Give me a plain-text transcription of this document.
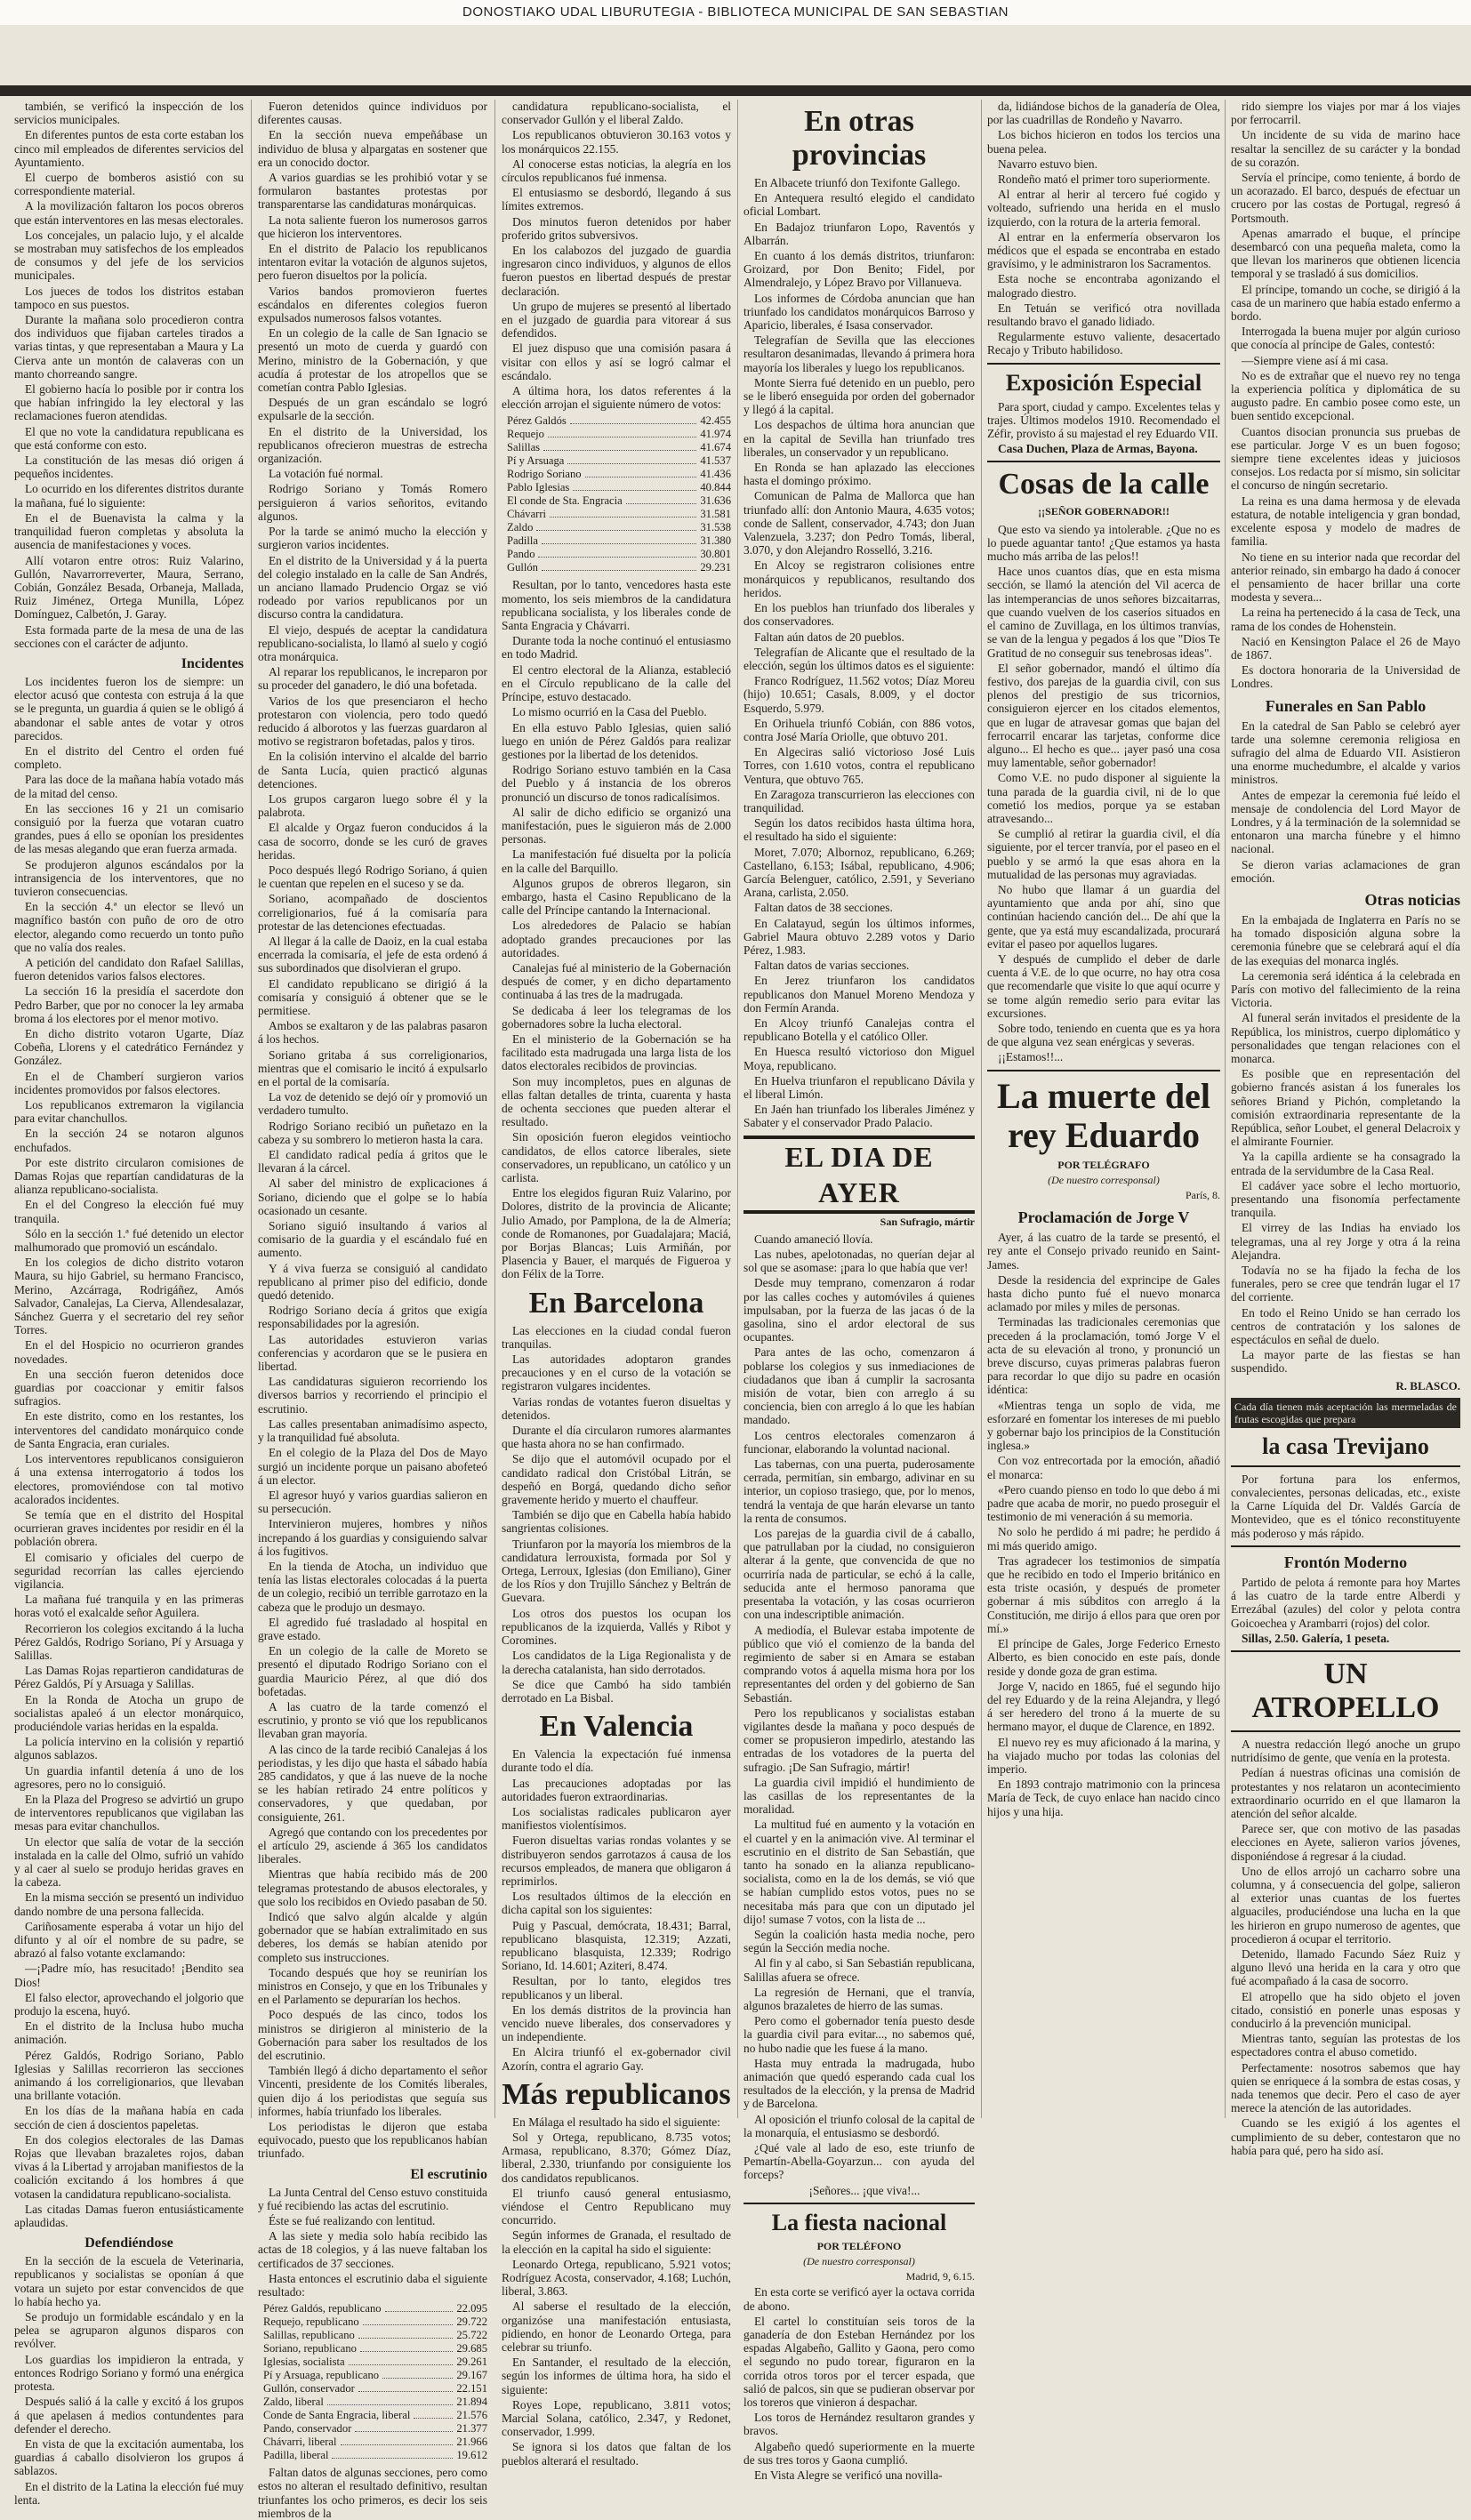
DONOSTIAKO UDAL LIBURUTEGIA - BIBLIOTECA MUNICIPAL DE SAN SEBASTIAN

también, se verificó la inspección de los servicios municipales.

En diferentes puntos de esta corte estaban los cinco mil empleados de diferentes servicios del Ayuntamiento.

El cuerpo de bomberos asistió con su correspondiente material.

A la movilización faltaron los pocos obreros que están interventores en las mesas electorales.

Los concejales, un palacio lujo, y el alcalde se mostraban muy satisfechos de los empleados de consumos y del jefe de los servicios municipales.

Los jueces de todos los distritos estaban tampoco en sus puestos.

Durante la mañana solo procedieron contra dos individuos que fijaban carteles tirados a varias tintas, y que representaban a Maura y La Cierva ante un montón de calaveras con un manto chorreando sangre.

El gobierno hacía lo posible por ir contra los que habían infringido la ley electoral y las reclamaciones fueron atendidas.

El que no vote la candidatura republicana es que está conforme con esto.

La constitución de las mesas dió origen á pequeños incidentes.

Lo ocurrido en los diferentes distritos durante la mañana, fué lo siguiente:

En el de Buenavista la calma y la tranquilidad fueron completas y absoluta la ausencia de manifestaciones y voces.

Allí votaron entre otros: Ruiz Valarino, Gullón, Navarrorreverter, Maura, Serrano, Cobián, González Besada, Orbaneja, Mallada, Ruiz Jiménez, Ortega Munilla, López Domínguez, Calbetón, J. Garay.

Esta formada parte de la mesa de una de las secciones con el carácter de adjunto.

Incidentes

Los incidentes fueron los de siempre: un elector acusó que contesta con estruja á la que se le pregunta, un guardia á quien se le obligó á abandonar el sable antes de votar y otros parecidos.

En el distrito del Centro el orden fué completo.

Para las doce de la mañana había votado más de la mitad del censo.

En las secciones 16 y 21 un comisario consiguió por la fuerza que votaran cuatro grandes, pues á ello se oponían los presidentes de las mesas alegando que eran fuerza armada.

Se produjeron algunos escándalos por la intransigencia de los interventores, que no tuvieron consecuencias.

En la sección 4.ª un elector se llevó un magnífico bastón con puño de oro de otro elector, alegando como recuerdo un tonto puño que no valía dos reales.

A petición del candidato don Rafael Salillas, fueron detenidos varios falsos electores.

La sección 16 la presidía el sacerdote don Pedro Barber, que por no conocer la ley armaba broma á los electores por el menor motivo.

En dicho distrito votaron Ugarte, Díaz Cobeña, Llorens y el catedrático Fernández y González.

En el de Chamberí surgieron varios incidentes promovidos por falsos electores.

Los republicanos extremaron la vigilancia para evitar chanchullos.

En la sección 24 se notaron algunos enchufados.

Por este distrito circularon comisiones de Damas Rojas que repartían candidaturas de la alianza republicano-socialista.

En el del Congreso la elección fué muy tranquila.

Sólo en la sección 1.ª fué detenido un elector malhumorado que promovió un escándalo.

En los colegios de dicho distrito votaron Maura, su hijo Gabriel, su hermano Francisco, Merino, Azcárraga, Rodrigáñez, Amós Salvador, Canalejas, La Cierva, Allendesalazar, Sánchez Guerra y el secretario del rey señor Torres.

En el del Hospicio no ocurrieron grandes novedades.

En una sección fueron detenidos doce guardias por coaccionar y emitir falsos sufragios.

En este distrito, como en los restantes, los interventores del candidato monárquico conde de Santa Engracia, eran curiales.

Los interventores republicanos consiguieron á una extensa interrogatorio á todos los electores, promoviéndose con tal motivo acalorados incidentes.

Se temía que en el distrito del Hospital ocurrieran graves incidentes por residir en él la población obrera.

El comisario y oficiales del cuerpo de seguridad recorrían las calles ejerciendo vigilancia.

La mañana fué tranquila y en las primeras horas votó el exalcalde señor Aguilera.

Recorrieron los colegios excitando á la lucha Pérez Galdós, Rodrigo Soriano, Pí y Arsuaga y Salillas.

Las Damas Rojas repartieron candidaturas de Pérez Galdós, Pí y Arsuaga y Salillas.

En la Ronda de Atocha un grupo de socialistas apaleó á un elector monárquico, produciéndole varias heridas en la espalda.

La policía intervino en la colisión y repartió algunos sablazos.

Un guardia infantil detenía á uno de los agresores, pero no lo consiguió.

En la Plaza del Progreso se advirtió un grupo de interventores republicanos que vigilaban las mesas para evitar chanchullos.

Un elector que salía de votar de la sección instalada en la calle del Olmo, sufrió un vahído y al caer al suelo se produjo heridas graves en la cabeza.

En la misma sección se presentó un individuo dando nombre de una persona fallecida.

Cariñosamente esperaba á votar un hijo del difunto y al oír el nombre de su padre, se abrazó al falso votante exclamando:

—¡Padre mío, has resucitado! ¡Bendito sea Dios!

El falso elector, aprovechando el jolgorio que produjo la escena, huyó.

En el distrito de la Inclusa hubo mucha animación.

Pérez Galdós, Rodrigo Soriano, Pablo Iglesias y Salillas recorrieron las secciones animando á los correligionarios, que llevaban una brillante votación.

En los días de la mañana había en cada sección de cien á doscientos papeletas.

En dos colegios electorales de las Damas Rojas que llevaban brazaletes rojos, daban vivas á la Libertad y arrojaban manifiestos de la coalición excitando á los hombres á que votasen la candidatura republicano-socialista.

Las citadas Damas fueron entusiásticamente aplaudidas.

Defendiéndose

En la sección de la escuela de Veterinaria, republicanos y socialistas se oponían á que votara un sujeto por estar convencidos de que lo había hecho ya.

Se produjo un formidable escándalo y en la pelea se agruparon algunos disparos con revólver.

Los guardias los impidieron la entrada, y entonces Rodrigo Soriano y formó una enérgica protesta.

Después salió á la calle y excitó á los grupos á que apelasen á medios contundentes para defender el derecho.

En vista de que la excitación aumentaba, los guardias á caballo disolvieron los grupos á sablazos.

En el distrito de la Latina la elección fué muy lenta.

Fueron detenidos quince individuos por diferentes causas.

En la sección nueva empeñábase un individuo de blusa y alpargatas en sostener que era un conocido doctor.

A varios guardias se les prohibió votar y se formularon bastantes protestas por transparentarse las candidaturas monárquicas.

La nota saliente fueron los numerosos garros que hicieron los interventores.

En el distrito de Palacio los republicanos intentaron evitar la votación de algunos sujetos, pero fueron disueltos por la policía.

Varios bandos promovieron fuertes escándalos en diferentes colegios fueron expulsados numerosos falsos votantes.

En un colegio de la calle de San Ignacio se presentó un moto de cuerda y guardó con Merino, ministro de la Gobernación, y que acudía á protestar de los atropellos que se cometían contra Pablo Iglesias.

Después de un gran escándalo se logró expulsarle de la sección.

En el distrito de la Universidad, los republicanos ofrecieron muestras de estrecha organización.

La votación fué normal.

Rodrigo Soriano y Tomás Romero persiguieron á varios señoritos, evitando algunos.

Por la tarde se animó mucho la elección y surgieron varios incidentes.

En el distrito de la Universidad y á la puerta del colegio instalado en la calle de San Andrés, un anciano llamado Prudencio Orgaz se vió rodeado por varios republicanos por un discurso contra la candidatura.

El viejo, después de aceptar la candidatura republicano-socialista, lo llamó al suelo y cogió otra monárquica.

Al reparar los republicanos, le increparon por su proceder del ganadero, le dió una bofetada.

Varios de los que presenciaron el hecho protestaron con violencia, pero todo quedó reducido á alborotos y las fuerzas guardaron al motivo se registraron bofetadas, palos y tiros.

En la colisión intervino el alcalde del barrio de Santa Lucía, quien practicó algunas detenciones.

Los grupos cargaron luego sobre él y la palabrota.

El alcalde y Orgaz fueron conducidos á la casa de socorro, donde se les curó de graves heridas.

Poco después llegó Rodrigo Soriano, á quien le cuentan que repelen en el suceso y se da.

Soriano, acompañado de doscientos correligionarios, fué á la comisaría para protestar de las detenciones efectuadas.

Al llegar á la calle de Daoiz, en la cual estaba encerrada la comisaría, el jefe de esta ordenó á sus subordinados que disolvieran el grupo.

El candidato republicano se dirigió á la comisaría y consiguió á obtener que se le permitiese.

Ambos se exaltaron y de las palabras pasaron á los hechos.

Soriano gritaba á sus correligionarios, mientras que el comisario le incitó á expulsarlo en el portal de la comisaría.

La voz de detenido se dejó oír y promovió un verdadero tumulto.

Rodrigo Soriano recibió un puñetazo en la cabeza y su sombrero lo metieron hasta la cara.

El candidato radical pedía á gritos que le llevaran á la cárcel.

Al saber del ministro de explicaciones á Soriano, diciendo que el golpe se lo había ocasionado un cesante.

Soriano siguió insultando á varios al comisario de la guardia y el escándalo fué en aumento.

Y á viva fuerza se consiguió al candidato republicano al primer piso del edificio, donde quedó detenido.

Rodrigo Soriano decía á gritos que exigía responsabilidades por la agresión.

Las autoridades estuvieron varias conferencias y acordaron que se le pusiera en libertad.

Las candidaturas siguieron recorriendo los diversos barrios y recorriendo el principio el escrutinio.

Las calles presentaban animadísimo aspecto, y la tranquilidad fué absoluta.

En el colegio de la Plaza del Dos de Mayo surgió un incidente porque un paisano abofeteó á un elector.

El agresor huyó y varios guardias salieron en su persecución.

Intervinieron mujeres, hombres y niños increpando á los guardias y consiguiendo salvar á los fugitivos.

En la tienda de Atocha, un individuo que tenía las listas electorales colocadas á la puerta de un colegio, recibió un terrible garrotazo en la cabeza que le produjo un desmayo.

El agredido fué trasladado al hospital en grave estado.

En un colegio de la calle de Moreto se presentó el diputado Rodrigo Soriano con el guardia Mauricio Pérez, al que dió dos bofetadas.

A las cuatro de la tarde comenzó el escrutinio, y pronto se vió que los republicanos llevaban gran mayoría.

A las cinco de la tarde recibió Canalejas á los periodistas, y les dijo que hasta el sábado había 285 candidatos, y que á las nueve de la noche se les habían retirado 24 entre políticos y conservadores, y que quedaban, por consiguiente, 261.

Agregó que contando con los precedentes por el artículo 29, asciende á 365 los candidatos liberales.

Mientras que había recibido más de 200 telegramas protestando de abusos electorales, y que solo los recibidos en Oviedo pasaban de 50.

Indicó que salvo algún alcalde y algún gobernador que se habían extralimitado en sus deberes, los demás se habían atenido por completo sus instrucciones.

Tocando después que hoy se reunirían los ministros en Consejo, y que en los Tribunales y en el Parlamento se depurarían los hechos.

Poco después de las cinco, todos los ministros se dirigieron al ministerio de la Gobernación para saber los resultados de los del escrutinio.

También llegó á dicho departamento el señor Vincenti, presidente de los Comités liberales, quien dijo á los periodistas que seguía sus informes, había triunfado los liberales.

Los periodistas le dijeron que estaba equivocado, puesto que los republicanos habían triunfado.

El escrutinio

La Junta Central del Censo estuvo constituida y fué recibiendo las actas del escrutinio.

Éste se fué realizando con lentitud.

A las siete y media solo había recibido las actas de 18 colegios, y á las nueve faltaban los certificados de 37 secciones.

Hasta entonces el escrutinio daba el siguiente resultado:

Pérez Galdós, republicano	22.095
Requejo, republicano	29.722
Salillas, republicano	25.722
Soriano, republicano	29.685
Iglesias, socialista	29.261
Pí y Arsuaga, republicano	29.167
Gullón, conservador	22.151
Zaldo, liberal	21.894
Conde de Santa Engracia, liberal	21.576
Pando, conservador	21.377
Chávarri, liberal	21.966
Padilla, liberal	19.612

Faltan datos de algunas secciones, pero como estos no alteran el resultado definitivo, resultan triunfantes los ocho primeros, es decir los seis miembros de la

candidatura republicano-socialista, el conservador Gullón y el liberal Zaldo.

Los republicanos obtuvieron 30.163 votos y los monárquicos 22.155.

Al conocerse estas noticias, la alegría en los círculos republicanos fué inmensa.

El entusiasmo se desbordó, llegando á sus límites extremos.

Dos minutos fueron detenidos por haber proferido gritos subversivos.

En los calabozos del juzgado de guardia ingresaron cinco individuos, y algunos de ellos fueron puestos en libertad después de prestar declaración.

Un grupo de mujeres se presentó al libertado en el juzgado de guardia para vitorear á sus defendidos.

El juez dispuso que una comisión pasara á visitar con ellos y así se logró calmar el escándalo.

A última hora, los datos referentes á la elección arrojan el siguiente número de votos:

Pérez Galdós	42.455
Requejo	41.974
Salillas	41.674
Pí y Arsuaga	41.537
Rodrigo Soriano	41.436
Pablo Iglesias	40.844
El conde de Sta. Engracia	31.636
Chávarri	31.581
Zaldo	31.538
Padilla	31.380
Pando	30.801
Gullón	29.231

Resultan, por lo tanto, vencedores hasta este momento, los seis miembros de la candidatura republicana socialista, y los liberales conde de Santa Engracia y Chávarri.

Durante toda la noche continuó el entusiasmo en todo Madrid.

El centro electoral de la Alianza, estableció en el Círculo republicano de la calle del Príncipe, estuvo destacado.

Lo mismo ocurrió en la Casa del Pueblo.

En ella estuvo Pablo Iglesias, quien salió luego en unión de Pérez Galdós para realizar gestiones por la libertad de los detenidos.

Rodrigo Soriano estuvo también en la Casa del Pueblo y á instancia de los obreros pronunció un discurso de tonos radicalísimos.

Al salir de dicho edificio se organizó una manifestación, pues le siguieron más de 2.000 personas.

La manifestación fué disuelta por la policía en la calle del Barquillo.

Algunos grupos de obreros llegaron, sin embargo, hasta el Casino Republicano de la calle del Príncipe cantando la Internacional.

Los alrededores de Palacio se habían adoptado grandes precauciones por las autoridades.

Canalejas fué al ministerio de la Gobernación después de comer, y en dicho departamento continuaba á las tres de la madrugada.

Se dedicaba á leer los telegramas de los gobernadores sobre la lucha electoral.

En el ministerio de la Gobernación se ha facilitado esta madrugada una larga lista de los datos electorales recibidos de provincias.

Son muy incompletos, pues en algunas de ellas faltan detalles de trinta, cuarenta y hasta de ochenta secciones que pueden alterar el resultado.

Sin oposición fueron elegidos veintiocho candidatos, de ellos catorce liberales, siete conservadores, un republicano, un católico y un carlista.

Entre los elegidos figuran Ruiz Valarino, por Dolores, distrito de la provincia de Alicante; Julio Amado, por Pamplona, de la de Almería; conde de Romanones, por Guadalajara; Maciá, por Borjas Blancas; Luis Armiñán, por Plasencia y Bauer, el marqués de Figueroa y don Félix de la Torre.

En Barcelona

Las elecciones en la ciudad condal fueron tranquilas.

Las autoridades adoptaron grandes precauciones y en el curso de la votación se registraron vulgares incidentes.

Varias rondas de votantes fueron disueltas y detenidos.

Durante el día circularon rumores alarmantes que hasta ahora no se han confirmado.

Se dijo que el automóvil ocupado por el candidato radical don Cristóbal Litrán, se despeñó en Borgá, quedando dicho señor gravemente herido y muerto el chauffeur.

También se dijo que en Cabella había habido sangrientas colisiones.

Triunfaron por la mayoría los miembros de la candidatura lerrouxista, formada por Sol y Ortega, Lerroux, Iglesias (don Emiliano), Giner de los Ríos y don Trujillo Sánchez y Beltrán de Guevara.

Los otros dos puestos los ocupan los republicanos de la izquierda, Vallés y Ribot y Coromines.

Los candidatos de la Liga Regionalista y de la derecha catalanista, han sido derrotados.

Se dice que Cambó ha sido también derrotado en La Bisbal.

En Valencia

En Valencia la expectación fué inmensa durante todo el día.

Las precauciones adoptadas por las autoridades fueron extraordinarias.

Los socialistas radicales publicaron ayer manifiestos violentísimos.

Fueron disueltas varias rondas volantes y se distribuyeron sendos garrotazos á causa de los recursos empleados, de manera que obligaron á reprimirlos.

Los resultados últimos de la elección en dicha capital son los siguientes:

Puig y Pascual, demócrata, 18.431; Barral, republicano blasquista, 12.319; Azzati, republicano blasquista, 12.339; Rodrigo Soriano, Id. 14.601; Aziteri, 8.474.

Resultan, por lo tanto, elegidos tres republicanos y un liberal.

En los demás distritos de la provincia han vencido nueve liberales, dos conservadores y un independiente.

En Alcira triunfó el ex-gobernador civil Azorín, contra el agrario Gay.

Más republicanos

En Málaga el resultado ha sido el siguiente:

Sol y Ortega, republicano, 8.735 votos; Armasa, republicano, 8.370; Gómez Díaz, liberal, 2.330, triunfando por consiguiente los dos candidatos republicanos.

El triunfo causó general entusiasmo, viéndose el Centro Republicano muy concurrido.

Según informes de Granada, el resultado de la elección en la capital ha sido el siguiente:

Leonardo Ortega, republicano, 5.921 votos; Rodríguez Acosta, conservador, 4.168; Luchón, liberal, 3.863.

Al saberse el resultado de la elección, organizóse una manifestación entusiasta, pidiendo, en honor de Leonardo Ortega, para celebrar su triunfo.

En Santander, el resultado de la elección, según los informes de última hora, ha sido el siguiente:

Royes Lope, republicano, 3.811 votos; Marcial Solana, católico, 2.347, y Redonet, conservador, 1.999.

Se ignora si los datos que faltan de los pueblos alterará el resultado.

En otras provincias

En Albacete triunfó don Texifonte Gallego.

En Antequera resultó elegido el candidato oficial Lombart.

En Badajoz triunfaron Lopo, Raventós y Albarrán.

En cuanto á los demás distritos, triunfaron: Groizard, por Don Benito; Fidel, por Almendralejo, y López Bravo por Villanueva.

Los informes de Córdoba anuncian que han triunfado los candidatos monárquicos Barroso y Aparicio, liberales, é Isasa conservador.

Telegrafían de Sevilla que las elecciones resultaron desanimadas, llevando á primera hora mayoría los liberales y luego los republicanos.

Monte Sierra fué detenido en un pueblo, pero se le liberó enseguida por orden del gobernador y llegó á la capital.

Los despachos de última hora anuncian que en la capital de Sevilla han triunfado tres liberales, un conservador y un republicano.

En Ronda se han aplazado las elecciones hasta el domingo próximo.

Comunican de Palma de Mallorca que han triunfado allí: don Antonio Maura, 4.635 votos; conde de Sallent, conservador, 4.743; don Juan Valenzuela, 3.237; don Pedro Tomás, liberal, 3.070, y don Alejandro Rosselló, 3.216.

En Alcoy se registraron colisiones entre monárquicos y republicanos, resultando dos heridos.

En los pueblos han triunfado dos liberales y dos conservadores.

Faltan aún datos de 20 pueblos.

Telegrafían de Alicante que el resultado de la elección, según los últimos datos es el siguiente:

Franco Rodríguez, 11.562 votos; Díaz Moreu (hijo) 10.651; Casals, 8.009, y el doctor Esquerdo, 5.979.

En Orihuela triunfó Cobián, con 886 votos, contra José María Oriolle, que obtuvo 201.

En Algeciras salió victorioso José Luis Torres, con 1.610 votos, contra el republicano Ventura, que obtuvo 765.

En Zaragoza transcurrieron las elecciones con tranquilidad.

Según los datos recibidos hasta última hora, el resultado ha sido el siguiente:

Moret, 7.070; Albornoz, republicano, 6.269; Castellano, 6.153; Isábal, republicano, 4.906; García Belenguer, católico, 2.591, y Severiano Arana, carlista, 2.050.

Faltan datos de 38 secciones.

En Calatayud, según los últimos informes, Gabriel Maura obtuvo 2.289 votos y Dario Pérez, 1.983.

Faltan datos de varias secciones.

En Jerez triunfaron los candidatos republicanos don Manuel Moreno Mendoza y don Fermín Aranda.

En Alcoy triunfó Canalejas contra el republicano Botella y el católico Oller.

En Huesca resultó victorioso don Miguel Moya, republicano.

En Huelva triunfaron el republicano Dávila y el liberal Limón.

En Jaén han triunfado los liberales Jiménez y Sabater y el conservador Prado Palacio.

EL DIA DE AYER
San Sufragio, mártir

Cuando amaneció llovía.

Las nubes, apelotonadas, no querían dejar al sol que se asomase: ¡para lo que había que ver!

Desde muy temprano, comenzaron á rodar por las calles coches y automóviles á quienes impulsaban, por la fuerza de las jacas ó de la gasolina, sino el ardor electoral de sus ocupantes.

Para antes de las ocho, comenzaron á poblarse los colegios y sus inmediaciones de ciudadanos que iban á cumplir la sacrosanta misión de votar, bien con arreglo á su conciencia, bien con arreglo á lo que les habían mandado.

Los centros electorales comenzaron á funcionar, elaborando la voluntad nacional.

Las tabernas, con una puerta, puderosamente cerrada, permitían, sin embargo, adivinar en su interior, un copioso trasiego, que, por lo menos, tendrá la ventaja de que harán elevarse un tanto la renta de consumos.

Los parejas de la guardia civil de á caballo, que patrullaban por la ciudad, no consiguieron alterar á la gente, que convencida de que no ocurriría nada de particular, se echó á la calle, seducida ante el hermoso panorama que presentaba la votación, y las cosas ocurrieron con una indescriptible animación.

A mediodía, el Bulevar estaba impotente de público que vió el comienzo de la banda del regimiento de saber si en Amara se estaban comprando votos á aquella misma hora por los representantes del orden y del gobierno de San Sebastián.

Pero los republicanos y socialistas estaban vigilantes desde la mañana y poco después de comer se propusieron impedirlo, atestando las entradas de los votadores de la puerta del sufragio. ¡De San Sufragio, mártir!

La guardia civil impidió el hundimiento de las casillas de los representantes de la moralidad.

La multitud fué en aumento y la votación en el cuartel y en la animación vive. Al terminar el escrutinio en el distrito de San Sebastián, que tanto ha sonado en la alianza republicano-socialista, como en la de los demás, se vió que se habían cumplido estos votos, pues no se necesitaba más para que con un diputado jel dijo! sumase 7 votos, con la lista de ...

Según la coalición hasta media noche, pero según la Sección media noche.

Al fin y al cabo, si San Sebastián republicana, Salillas afuera se ofrece.

La regresión de Hernani, que el tranvía, algunos brazaletes de hierro de las sumas.

Pero como el gobernador tenía puesto desde la guardia civil para evitar..., no sabemos qué, no hubo nadie que les fuese á la mano.

Hasta muy entrada la madrugada, hubo animación que quedó esperando cada cual los resultados de la elección, y la prensa de Madrid y de Barcelona.

Al oposición el triunfo colosal de la capital de la monarquía, el entusiasmo se desbordó.

¿Qué vale al lado de eso, este triunfo de Pemartín-Abella-Goyarzun... con ayuda del forceps?

¡Señores... ¡que viva!...

La fiesta nacional
POR TELÉFONO
(De nuestro corresponsal)
Madrid, 9, 6.15.

En esta corte se verificó ayer la octava corrida de abono.

El cartel lo constituían seis toros de la ganadería de don Esteban Hernández por los espadas Algabeño, Gallito y Gaona, pero como el segundo no pudo torear, figuraron en la corrida otros toros por el tercer espada, que salió de palcos, sin que se pudieran observar por los toreros que vinieron á despachar.

Los toros de Hernández resultaron grandes y bravos.

Algabeño quedó superiormente en la muerte de sus tres toros y Gaona cumplió.

En Vista Alegre se verificó una novilla-

da, lidiándose bichos de la ganadería de Olea, por las cuadrillas de Rondeño y Navarro.

Los bichos hicieron en todos los tercios una buena pelea.

Navarro estuvo bien.

Rondeño mató el primer toro superiormente.

Al entrar al herir al tercero fué cogido y volteado, sufriendo una herida en el muslo izquierdo, con la rotura de la arteria femoral.

Al entrar en la enfermería observaron los médicos que el espada se encontraba en estado gravísimo, y le administraron los Sacramentos.

Esta noche se encontraba agonizando el malogrado diestro.

En Tetuán se verificó otra novillada resultando bravo el ganado lidiado.

Regularmente estuvo valiente, desacertado Recajo y Tributo habilidoso.

Exposición Especial

Para sport, ciudad y campo. Excelentes telas y trajes. Últimos modelos 1910. Recomendado el Zéfir, provisto á su majestad el rey Eduardo VII.

Casa Duchen, Plaza de Armas, Bayona.

Cosas de la calle
¡¡SEÑOR GOBERNADOR!!

Que esto va siendo ya intolerable. ¿Que no es lo puede aguantar tanto! ¿Que estamos ya hasta mucho más arriba de las pelos!!

Hace unos cuantos días, que en esta misma sección, se llamó la atención del Vil acerca de las intemperancias de unos señores bizcaitarras, que cuando vuelven de los caseríos situados en el camino de Zuvillaga, en los últimos tranvías, se van de la lengua y pegados á los que "Dios Te Gratitud de no conseguir sus tenebrosas ideas".

El señor gobernador, mandó el último día festivo, dos parejas de la guardia civil, con sus plenos del prestigio de sus tricornios, consiguieron ejercer en los citados elementos, que en lugar de atravesar gomas que bajan del ferrocarril encarar las tarjetas, conforme dice alguno... El hecho es que... ¡ayer pasó una cosa muy lamentable, señor gobernador!

Como V.E. no pudo disponer al siguiente la tuna parada de la guardia civil, ni de lo que cometió los medios, porque ya se estaban atravesando...

Se cumplió al retirar la guardia civil, el día siguiente, por el tercer tranvía, por el paseo en el pueblo y se armó la que esas ahora en la mutualidad de las personas muy agraviadas.

No hubo que llamar á un guardia del ayuntamiento que anda por ahí, sino que continúan haciendo canción del... De ahí que la gente, que ya está muy escandalizada, procurará evitar el paseo por aquellos lugares.

Y después de cumplido el deber de darle cuenta á V.E. de lo que ocurre, no hay otra cosa que recomendarle que visite lo que aquí ocurre y se tome algún remedio serio para evitar las excursiones.

Sobre todo, teniendo en cuenta que es ya hora de que alguna vez sean enérgicas y severas.

¡¡Estamos!!...

La muerte del rey Eduardo
POR TELÉGRAFO
(De nuestro corresponsal)
París, 8.
Proclamación de Jorge V

Ayer, á las cuatro de la tarde se presentó, el rey ante el Consejo privado reunido en Saint-James.

Desde la residencia del exprincipe de Gales hasta dicho punto fué el nuevo monarca aclamado por miles y miles de personas.

Terminadas las tradicionales ceremonias que preceden á la proclamación, tomó Jorge V el acta de su elevación al trono, y pronunció un breve discurso, cuyas primeras palabras fueron para recordar lo que dijo su padre en ocasión idéntica:

«Mientras tenga un soplo de vida, me esforzaré en fomentar los intereses de mi pueblo y gobernar bajo los principios de la Constitución inglesa.»

Con voz entrecortada por la emoción, añadió el monarca:

«Pero cuando pienso en todo lo que debo á mi padre que acaba de morir, no puedo proseguir el testimonio de mi veneración á su memoria.

No solo he perdido á mi padre; he perdido á mi más querido amigo.

Tras agradecer los testimonios de simpatía que he recibido en todo el Imperio británico en esta triste ocasión, y después de prometer gobernar á mis súbditos con arreglo á la Constitución, me dirijo á ellos para que oren por mí.»

El príncipe de Gales, Jorge Federico Ernesto Alberto, es bien conocido en este país, donde reside y donde goza de gran estima.

Jorge V, nacido en 1865, fué el segundo hijo del rey Eduardo y de la reina Alejandra, y llegó á ser heredero del trono á la muerte de su hermano mayor, el duque de Clarence, en 1892.

El nuevo rey es muy aficionado á la marina, y ha viajado mucho por todas las colonias del imperio.

En 1893 contrajo matrimonio con la princesa María de Teck, de cuyo enlace han nacido cinco hijos y una hija.

rido siempre los viajes por mar á los viajes por ferrocarril.

Un incidente de su vida de marino hace resaltar la sencillez de su carácter y la bondad de su corazón.

Servía el príncipe, como teniente, á bordo de un acorazado. El barco, después de efectuar un crucero por las costas de Portugal, regresó á Portsmouth.

Apenas amarrado el buque, el príncipe desembarcó con una pequeña maleta, como la que llevan los marineros que obtienen licencia temporal y se trasladó á sus domicilios.

El príncipe, tomando un coche, se dirigió á la casa de un marinero que había estado enfermo a bordo.

Interrogada la buena mujer por algún curioso que conocía al príncipe de Gales, contestó:

—Siempre viene así á mi casa.

No es de extrañar que el nuevo rey no tenga la experiencia política y diplomática de su augusto padre. En cambio posee como este, un buen sentido excepcional.

Cuantos disocian pronuncia sus pruebas de ese particular. Jorge V es un buen fogoso; siempre tiene excelentes ideas y juiciosos consejos. Los redacta por sí mismo, sin solicitar el concurso de ningún secretario.

La reina es una dama hermosa y de elevada estatura, de notable inteligencia y gran bondad, excelente esposa y modelo de madres de familia.

No tiene en su interior nada que recordar del anterior reinado, sin embargo ha dado á conocer el pensamiento de hacer brillar una corte modesta y severa...

La reina ha pertenecido á la casa de Teck, una rama de los condes de Hohenstein.

Nació en Kensington Palace el 26 de Mayo de 1867.

Es doctora honoraria de la Universidad de Londres.

Funerales en San Pablo

En la catedral de San Pablo se celebró ayer tarde una solemne ceremonia religiosa en sufragio del alma de Eduardo VII. Asistieron una enorme muchedumbre, el alcalde y varios ministros.

Antes de empezar la ceremonia fué leído el mensaje de condolencia del Lord Mayor de Londres, y á la terminación de la solemnidad se entonaron una marcha fúnebre y el himno nacional.

Se dieron varias aclamaciones de gran emoción.

Otras noticias

En la embajada de Inglaterra en París no se ha tomado disposición alguna sobre la ceremonia fúnebre que se celebrará aquí el día de las exequias del monarca inglés.

La ceremonia será idéntica á la celebrada en París con motivo del fallecimiento de la reina Victoria.

Al funeral serán invitados el presidente de la República, los ministros, cuerpo diplomático y personalidades que tengan relaciones con el monarca.

Es posible que en representación del gobierno francés asistan á los funerales los señores Briand y Pichón, completando la comisión extraordinaria representante de la República, señor Loubet, el general Delacroix y el almirante Fournier.

Ya la capilla ardiente se ha consagrado la entrada de la servidumbre de la Casa Real.

El cadáver yace sobre el lecho mortuorio, presentando una fisonomía perfectamente tranquila.

El virrey de las Indias ha enviado los telegramas, una al rey Jorge y otra á la reina Alejandra.

Todavía no se ha fijado la fecha de los funerales, pero se cree que tendrán lugar el 17 del corriente.

En todo el Reino Unido se han cerrado los centros de contratación y los salones de espectáculos en señal de duelo.

La mayor parte de las fiestas se han suspendido.

R. BLASCO.
Cada día tienen más aceptación las mermeladas de frutas escogidas que prepara
la casa Trevijano

Por fortuna para los enfermos, convalecientes, personas delicadas, etc., existe la Carne Líquida del Dr. Valdés García de Montevideo, que es el tónico reconstituyente más poderoso y más rápido.

Frontón Moderno

Partido de pelota á remonte para hoy Martes á las cuatro de la tarde entre Alberdi y Errezábal (azules) del color y pelota contra Goicoechea y Arambarri (rojos) del color.

Sillas, 2.50. Galería, 1 peseta.

UN ATROPELLO

A nuestra redacción llegó anoche un grupo nutridísimo de gente, que venía en la protesta.

Pedían á nuestras oficinas una comisión de protestantes y nos relataron un acontecimiento extraordinario ocurrido en el que llamaron la atención del señor alcalde.

Parece ser, que con motivo de las pasadas elecciones en Ayete, salieron varios jóvenes, disponiéndose á regresar á la ciudad.

Uno de ellos arrojó un cacharro sobre una columna, y á consecuencia del golpe, salieron al exterior unas cuantas de los fuertes alguaciles, produciéndose una lucha en la que les hirieron en grupo numeroso de agentes, que procedieron á ocupar el territorio.

Detenido, llamado Facundo Sáez Ruiz y alguno llevó una herida en la cara y otro que fué acompañado á la casa de socorro.

El atropello que ha sido objeto el joven citado, consistió en ponerle unas esposas y conducirlo á la prevención municipal.

Mientras tanto, seguían las protestas de los espectadores contra el abuso cometido.

Perfectamente: nosotros sabemos que hay quien se enriquece á la sombra de estas cosas, y nada tenemos que decir. Pero el caso de ayer merece la atención de las autoridades.

Cuando se les exigió á los agentes el cumplimiento de su deber, contestaron que no había para qué, pero ha sido así.
